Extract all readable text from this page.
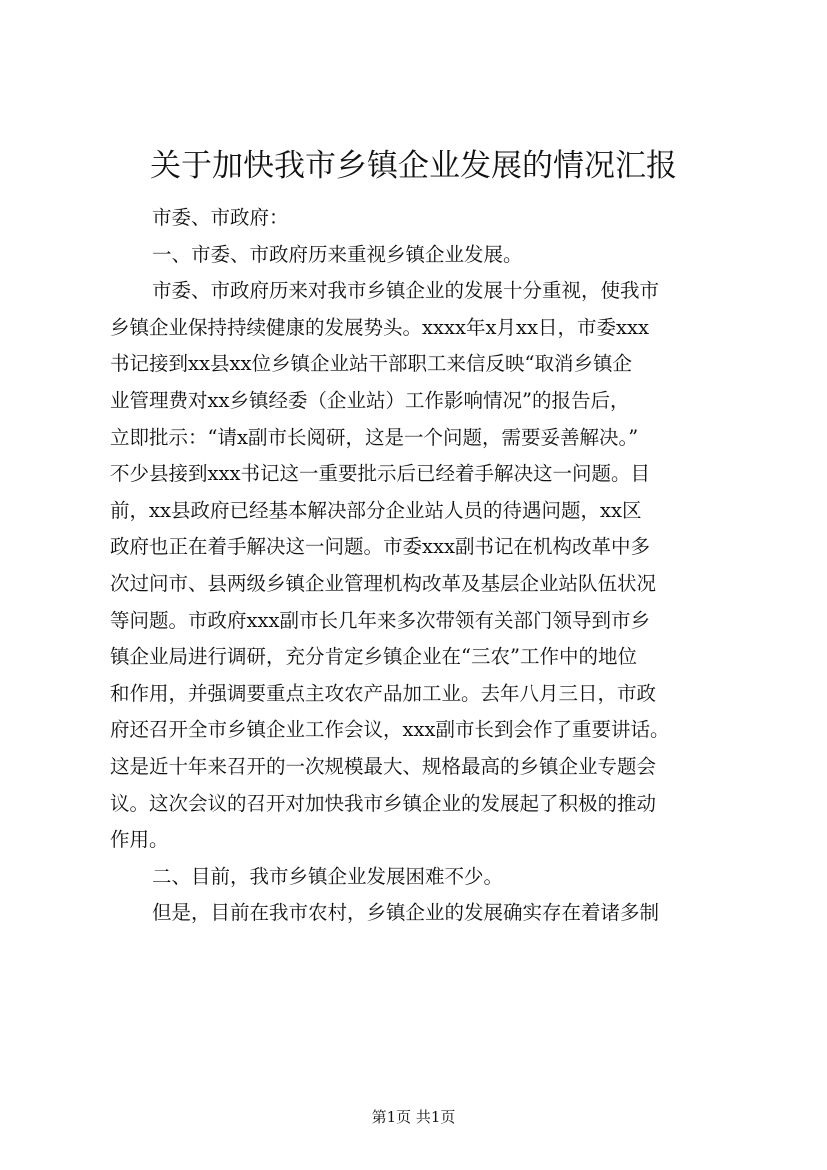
关于加快我市乡镇企业发展的情况汇报

市委、市政府：

一、市委、市政府历来重视乡镇企业发展。

市委、市政府历来对我市乡镇企业的发展十分重视，使我市

乡镇企业保持持续健康的发展势头。xxxx年x月xx日，市委xxx

书记接到xx县xx位乡镇企业站干部职工来信反映“取消乡镇企

业管理费对xx乡镇经委（企业站）工作影响情况”的报告后，

立即批示：“请x副市长阅研，这是一个问题，需要妥善解决。”

不少县接到xxx书记这一重要批示后已经着手解决这一问题。目

前，xx县政府已经基本解决部分企业站人员的待遇问题，xx区

政府也正在着手解决这一问题。市委xxx副书记在机构改革中多

次过问市、县两级乡镇企业管理机构改革及基层企业站队伍状况

等问题。市政府xxx副市长几年来多次带领有关部门领导到市乡

镇企业局进行调研，充分肯定乡镇企业在“三农”工作中的地位

和作用，并强调要重点主攻农产品加工业。去年八月三日，市政

府还召开全市乡镇企业工作会议，xxx副市长到会作了重要讲话。

这是近十年来召开的一次规模最大、规格最高的乡镇企业专题会

议。这次会议的召开对加快我市乡镇企业的发展起了积极的推动

作用。

二、目前，我市乡镇企业发展困难不少。

但是，目前在我市农村，乡镇企业的发展确实存在着诸多制

第1页 共1页
